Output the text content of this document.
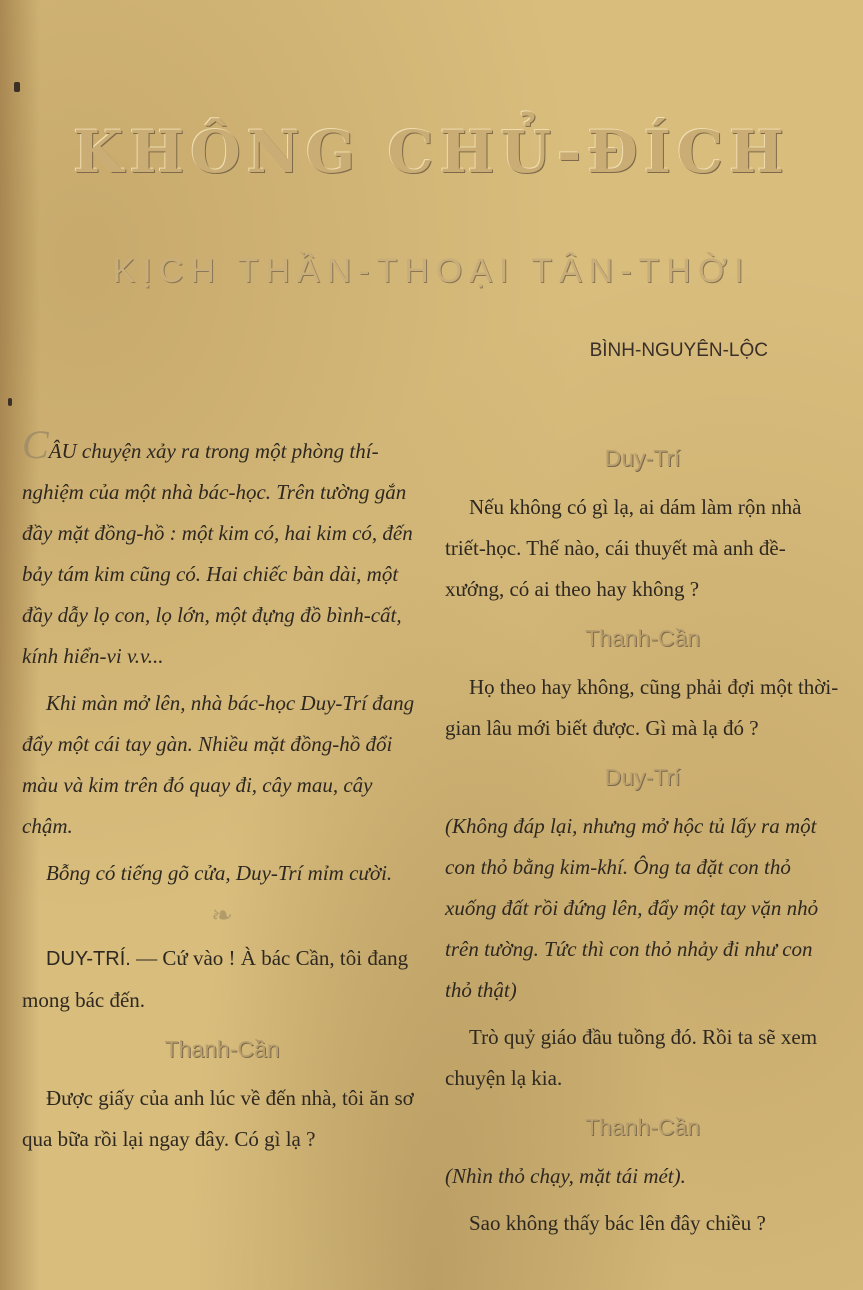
KHÔNG CHỦ-ĐÍCH
KỊCH THẦN-THOẠI TÂN-THỜI
BÌNH-NGUYÊN-LỘC

CÂU chuyện xảy ra trong một phòng thí-nghiệm của một nhà bác-học. Trên tường gắn đầy mặt đồng-hồ : một kim có, hai kim có, đến bảy tám kim cũng có. Hai chiếc bàn dài, một đầy dẫy lọ con, lọ lớn, một đựng đồ bình-cất, kính hiển-vi v.v...

Khi màn mở lên, nhà bác-học Duy-Trí đang đẩy một cái tay gàn. Nhiều mặt đồng-hồ đổi màu và kim trên đó quay đi, cây mau, cây chậm.

Bỗng có tiếng gõ cửa, Duy-Trí mỉm cười.

❧

DUY-TRÍ. — Cứ vào ! À bác Cần, tôi đang mong bác đến.

Thanh-Cần

Được giấy của anh lúc về đến nhà, tôi ăn sơ qua bữa rồi lại ngay đây. Có gì lạ ?

Duy-Trí

Nếu không có gì lạ, ai dám làm rộn nhà triết-học. Thế nào, cái thuyết mà anh đề-xướng, có ai theo hay không ?

Thanh-Cần

Họ theo hay không, cũng phải đợi một thời-gian lâu mới biết được. Gì mà lạ đó ?

Duy-Trí

(Không đáp lại, nhưng mở hộc tủ lấy ra một con thỏ bằng kim-khí. Ông ta đặt con thỏ xuống đất rồi đứng lên, đẩy một tay vặn nhỏ trên tường. Tức thì con thỏ nhảy đi như con thỏ thật)

Trò quỷ giáo đầu tuồng đó. Rồi ta sẽ xem chuyện lạ kia.

Thanh-Cần

(Nhìn thỏ chạy, mặt tái mét).

Sao không thấy bác lên đây chiều ?
